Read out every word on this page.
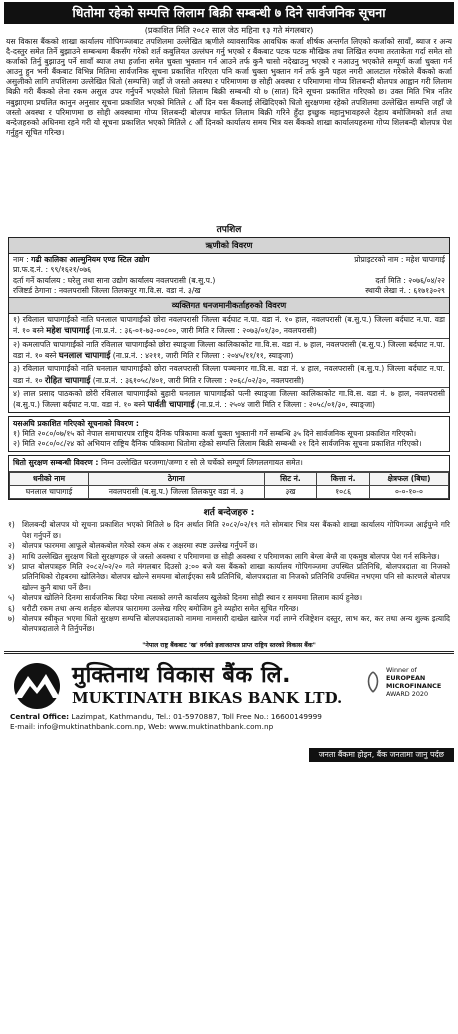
धितोमा रहेको सम्पत्ति लिलाम बिक्री सम्बन्धी ७ दिने सार्वजनिक सूचना
(प्रकाशित मिति २०८२ साल जेठ महिना १३ गते मंगलबार)
यस विकास बैंकको शाखा कार्यालय गोपिगञ्जबाट तपशिलमा उल्लेखित ऋणीले व्यावसायिक आवधिक कर्जा शीर्षक अन्तर्गत लिएको कर्जाको सावाँ, ब्याज र अन्य दै-दस्तुर समेत तिर्ने बुझाउने सम्बन्धमा बैंकसँग गरेको शर्त कबुलियत उल्लंघन गर्नु भएको र बैंकबाट पटक पटक मौखिक तथा लिखित रुपमा तरताकेता गर्दा समेत सो कर्जाको तिर्नु बुझाउनु पर्ने सावाँ ब्याज तथा हर्जाना समेत चुक्ता भुक्तान गर्न आउने तर्फ कुनै चासो नदेखाउनु भएको र नआउनु भएकोले सम्पूर्ण कर्जा चुक्ता गर्न आउनु हुन भनी बैंकबाट विभिन्न मितिमा सार्वजनिक सूचना प्रकाशित गरिएता पनि कर्जा चुक्ता भुक्तान गर्न तर्फ कुनै पहल नगरी आलटाल गरेकोले बैंकको कर्जा असुलीको लागि तपशिलमा उल्लेखित धितो (सम्पत्ति) जहाँ जे जस्तो अवस्था र परिमाणमा छ सोही अवस्था र परिमाणमा गोप्य शिलबन्दी बोलपत्र आह्वान गरी लिलाम बिक्री गरी बैंकको लेना रकम असुल उपर गर्नुपर्ने भएकोले धितो लिलाम बिक्री सम्बन्धी यो ७ (सात) दिने सूचना प्रकाशित गरिएको छ। उक्त मिति भित्र नतिर नबुझाएमा प्रचलित कानुन अनुसार सूचना प्रकाशित भएको मितिले ८ औं दिन यस बैंकलाई लेखिदिएको धितो सुरक्षणमा रहेको तपशिलमा उल्लेखित सम्पत्ति जहाँ जे जस्तो अवस्था र परिमाणमा छ सोही अवस्थामा गोप्य शिलबन्दी बोलपत्र मार्फत लिलाम बिक्री गरिने हुँदा इच्छुक महानुभावहरुले देहाय बमोजिमको शर्त तथा बन्देजहरुको अधिनमा रहने गरी यो सूचना प्रकाशित भएको मितिले ८ औं दिनको कार्यालय समय भित्र यस बैंकको शाखा कार्यालयहरुमा गोप्य शिलबन्दी बोलपत्र पेश गर्नुहुन सूचित गरिन्छ।
तपशिल
ऋणीको विवरण
नाम : गढी कालिका आल्मुनियम एण्ड स्टिल उद्योग	प्रोप्राइटरको नाम : महेश चापागाई
प्रा.फ.द.नं. : ९९/१६२१/०७६
दर्ता गर्ने कार्यालय : घरेलु तथा साना उद्योग कार्यालय नवलपरासी (ब.सु.प.)	दर्ता मिति : २०७६/०४/२२
रजिष्टर्ड ठेगाना : नवलपरासी जिल्ला तिलकपुर गा.वि.स. वडा नं. ३/ख	स्थायी लेखा नं. : ६१७१३०२९
व्यक्तिगत धनजमानीकर्ताहरुको विवरण
१) रविलाल चापागाईंको नाति घनलाल चापागाईंको छोरा नवलपरासी जिल्ला बर्दघाट न.पा. वडा नं. १० हाल, नवलपरासी (ब.सु.प.) जिल्ला बर्दघाट न.पा. वडा नं. १० बस्ने महेश चापागाई (ना.प्र.नं. : ३६-०१-७३-००८००, जारी मिति र जिल्ला : २०७३/०१/३०, नवलपरासी)
२) कमलापति चापागाईंको नाति रविलाल चापागाईंको छोरा स्याङ्जा जिल्ला कालिकाकोट गा.वि.स. वडा नं. ७ हाल, नवलपरासी (ब.सु.प.) जिल्ला बर्दघाट न.पा. वडा नं. १० बस्ने घनलाल चापागाई (ना.प्र.नं. : ४२११, जारी मिति र जिल्ला : २०४५/११/११, स्याङ्जा)
३) रविलाल चापागाईंको नाति घनलाल चापागाईंको छोरा नवलपरासी जिल्ला पञ्चनगर गा.वि.स. वडा नं. ४ हाल, नवलपरासी (ब.सु.प.) जिल्ला बर्दघाट न.पा. वडा नं. १० रोहित चापागाई (ना.प्र.नं. : ३६१०५८/४०१, जारी मिति र जिल्ला : २०६८/०२/३०, नवलपरासी)
४) लाल प्रसाद पाठकको छोरी रविलाल चापागाईंको बुहारी घनलाल चापागाईंको पत्नी स्याङ्जा जिल्ला कालिकाकोट गा.वि.स. वडा नं. ७ हाल, नवलपरासी (ब.सु.प.) जिल्ला बर्दघाट न.पा. वडा नं. १० बस्ने पार्वती चापागाई (ना.प्र.नं. : २५०४ जारी मिति र जिल्ला : २०५८/०१/३०, स्याङ्जा)
यसअघि प्रकाशित गरिएको सूचनाको विवरण :
१) मिति २०८०/०७/१५ को नेपाल समाचारपत्र राष्ट्रिय दैनिक पत्रिकामा कर्जा चुक्ता भुक्तानी गर्ने सम्बन्धि ३५ दिने सार्वजनिक सूचना प्रकाशित गरिएको।
२) मिति २०८०/०८/२४ को अभियान राष्ट्रिय दैनिक पत्रिकामा धितोमा रहेको सम्पत्ति लिलाम बिक्री सम्बन्धी २१ दिने सार्वजनिक सूचना प्रकाशित गरिएको।
धितो सुरक्षण सम्बन्धी विवरण : निम्न उल्लेखित घरजग्गा/जग्गा र सो ले चर्चेको सम्पूर्ण लिगललगायत समेत।
धनीको नाम	ठेगाना	सिट नं.	कित्ता नं.	क्षेत्रफल (बिघा)
घनलाल चापागाई	नवलपरासी (ब.सु.प.) जिल्ला तिलकपुर वडा नं. ३	३ख	१०८६	०-०-१०-०
शर्त बन्देजहरु :
१) शिलबन्दी बोलपत्र यो सूचना प्रकाशित भएको मितिले ७ दिन अर्थात मिति २०८२/०२/१९ गते सोमबार भित्र यस बैंकको शाखा कार्यालय गोपिगञ्ज आईपुग्ने गरि पेश गर्नुपर्ने छ।
२) बोलपत्र फारममा आफूले बोलकबोल गरेको रकम अंक र अक्षरमा स्पष्ट उल्लेख गर्नुपर्ने छ।
३) माथि उल्लेखित सुरक्षण धितो सुरक्षणहरु जे जस्तो अवस्था र परिमाणमा छ सोही अवस्था र परिमाणका लागि बेग्ला बेग्लै वा एकमुष्ठ बोलपत्र पेश गर्न सकिनेछ।
४) प्राप्त बोलपत्रहरु मिति २०८२/०२/२० गते मंगलबार दिउसो ३:०० बजे यस बैंकको शाखा कार्यालय गोपिगञ्जमा उपस्थित प्रतिनिधि, बोलपत्रदाता वा निजको प्रतिनिधिको रोहबरमा खोलिनेछ। बोलपत्र खोल्ने समयमा बोलाईएका सबै प्रतिनिधि, बोलपत्रदाता वा निजको प्रतिनिधि उपस्थित नभएमा पनि सो कारणले बोलपत्र खोल्न कुनै बाधा पर्ने छैन।
५) बोलपत्र खोलिने दिनमा सार्वजनिक बिदा परेमा त्यसको लगत्तै कार्यालय खुलेको दिनमा सोही स्थान र समयमा लिलाम कार्य हुनेछ।
६) धरौटी रकम तथा अन्य शर्तहरु बोलपत्र फाराममा उल्लेख गरिए बमोजिम हुने व्यहोरा समेत सूचित गरिन्छ।
७) बोलपत्र स्वीकृत भएमा धितो सुरक्षण सम्पत्ति बोलपत्रदाताको नाममा नामसारी दाखेल खारेज गर्दा लाग्ने रजिष्ट्रेशन दस्तुर, लाभ कर, कर तथा अन्य शुल्क इत्यादि बोलपत्रदाताले नै तिर्नुपर्नेछ।
"नेपाल राष्ट्र बैंकबाट 'ख' वर्गको इजाजतपत्र प्राप्त राष्ट्रिय स्तरको विकास बैंक"
मुक्तिनाथ विकास बैंक लि.
MUKTINATH BIKAS BANK LTD.
Central Office: Lazimpat, Kathmandu, Tel.: 01-5970887, Toll Free No.: 16600149999
E-mail: info@muktinathbank.com.np, Web: www.muktinathbank.com.np
Winner of
EUROPEAN
MICROFINANCE
AWARD 2020
जनता बैंकमा होइन, बैंक जनतामा जानु पर्दछ
